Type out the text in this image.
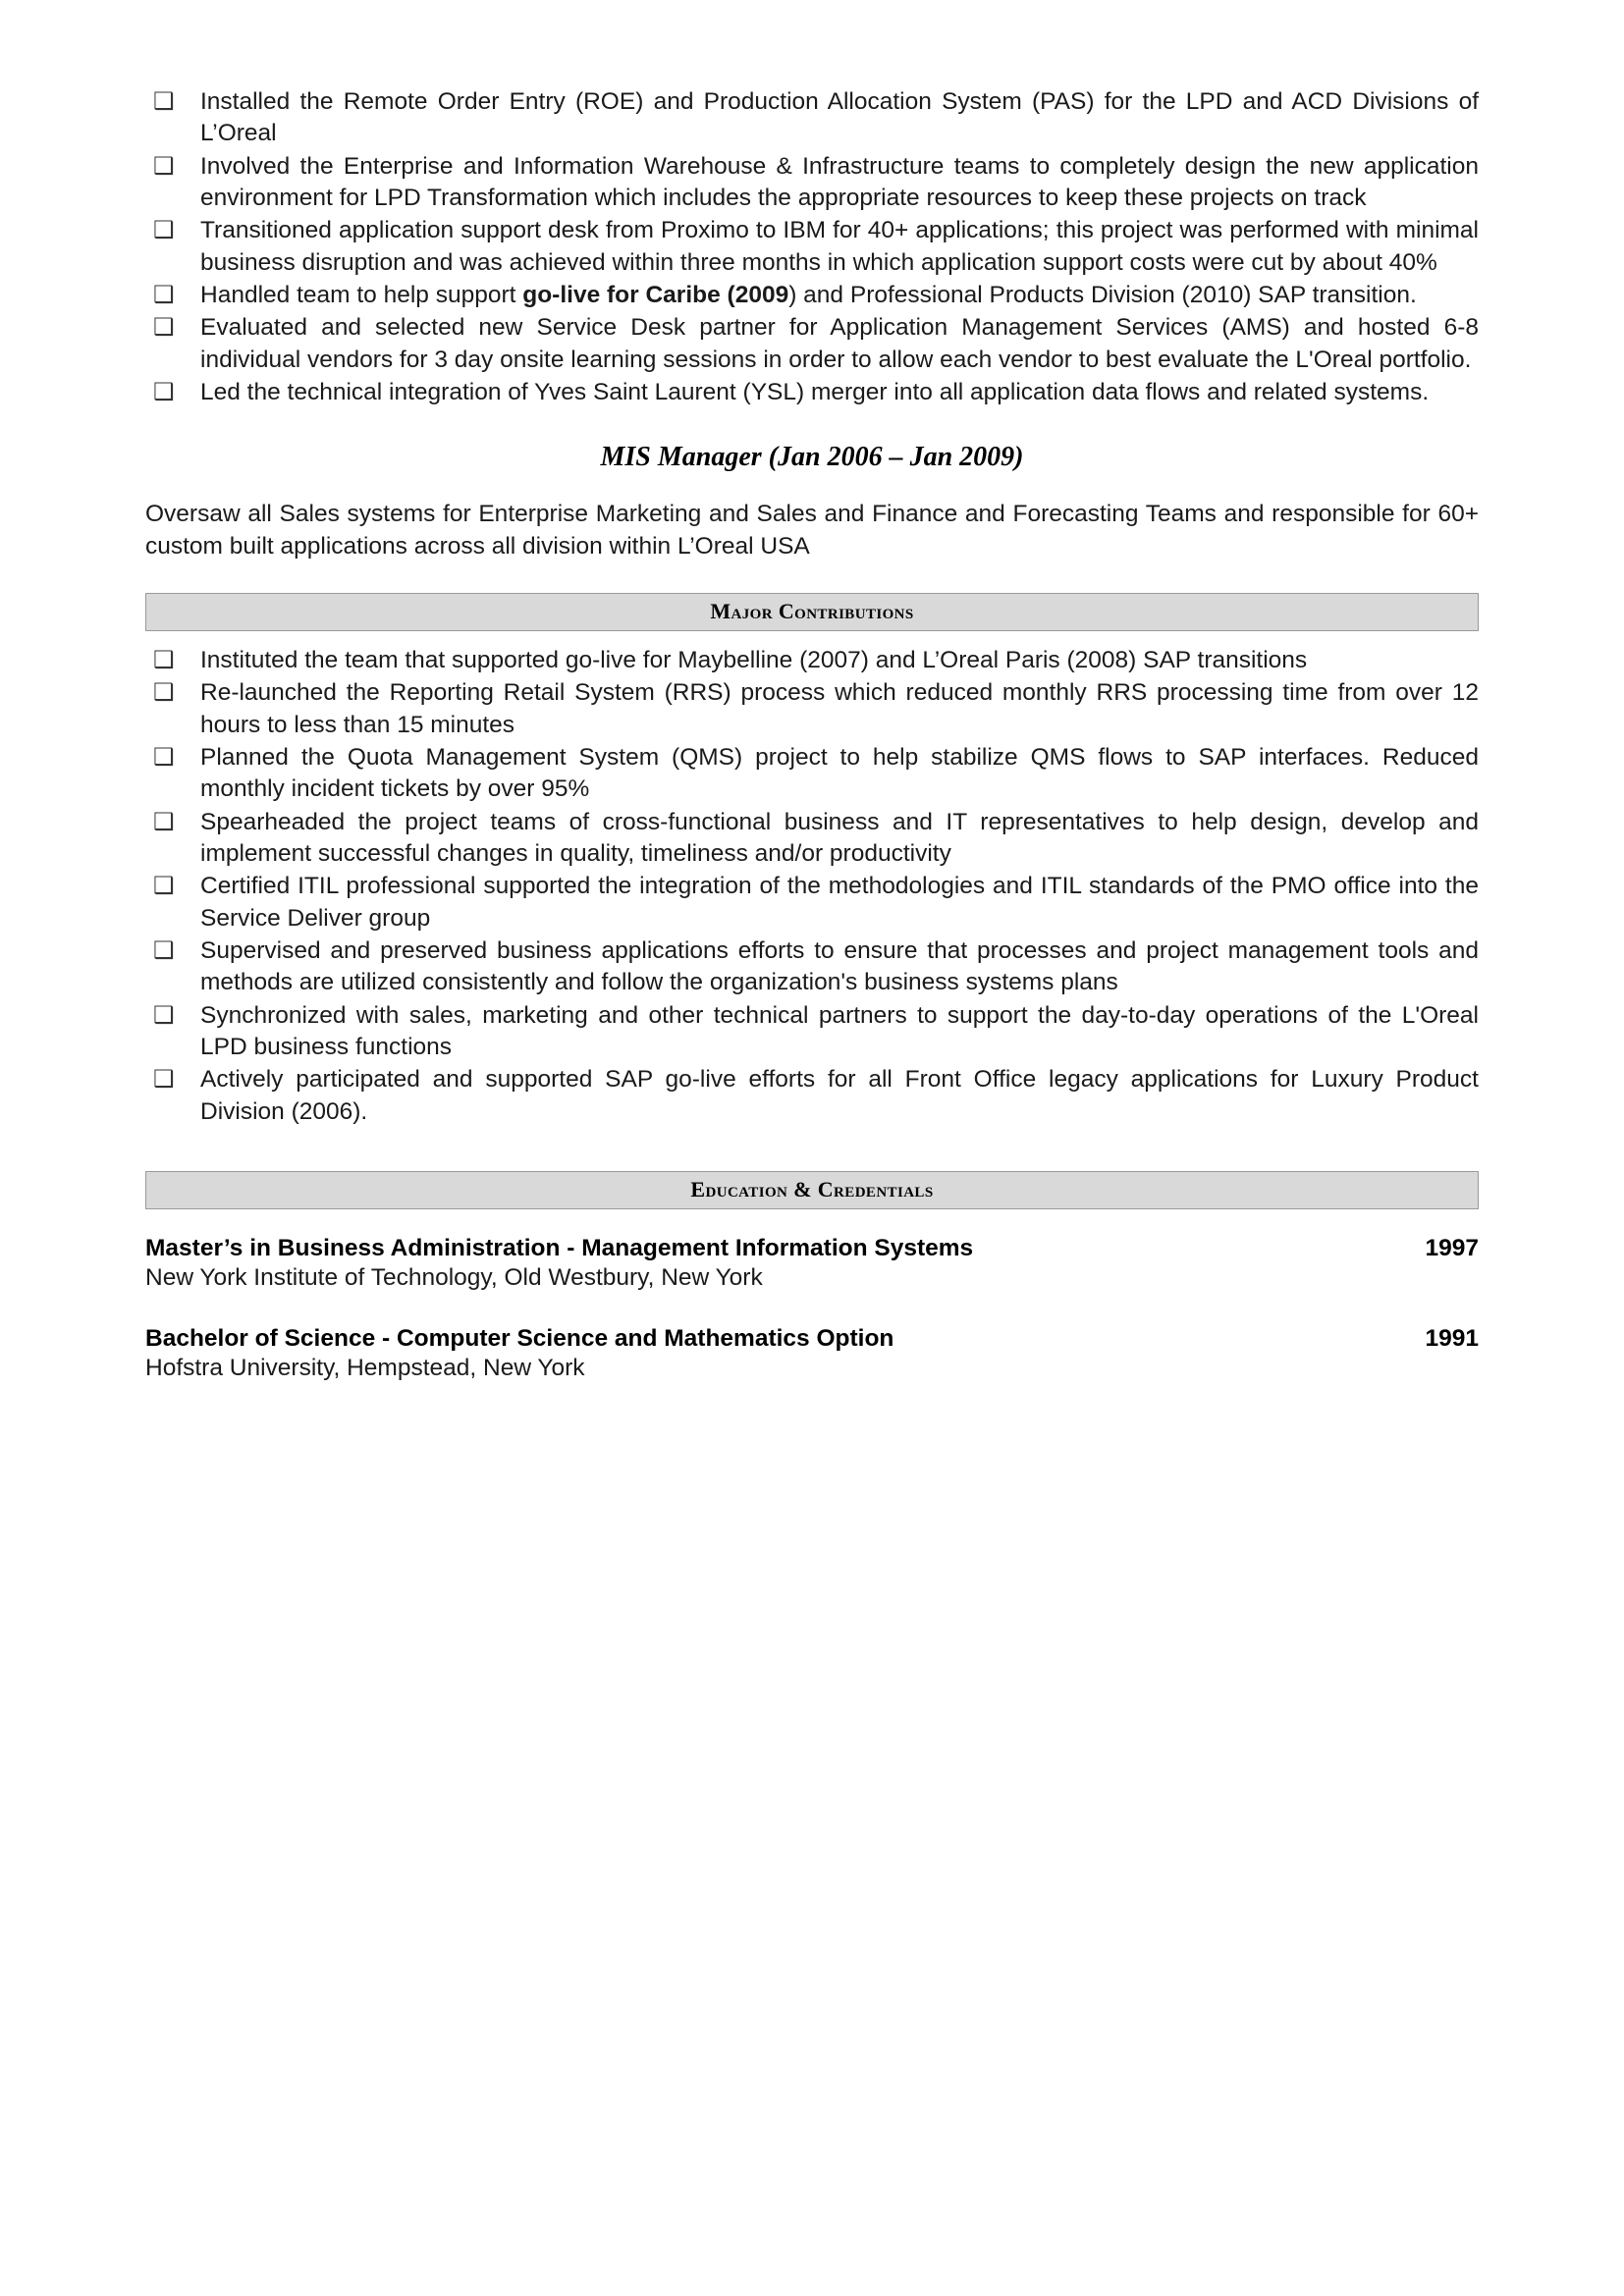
❑ Installed the Remote Order Entry (ROE) and Production Allocation System (PAS) for the LPD and ACD Divisions of L’Oreal
❑ Involved the Enterprise and Information Warehouse & Infrastructure teams to completely design the new application environment for LPD Transformation which includes the appropriate resources to keep these projects on track
❑ Transitioned application support desk from Proximo to IBM for 40+ applications; this project was performed with minimal business disruption and was achieved within three months in which application support costs were cut by about 40%
❑ Handled team to help support go-live for Caribe (2009) and Professional Products Division (2010) SAP transition.
❑ Evaluated and selected new Service Desk partner for Application Management Services (AMS) and hosted 6-8 individual vendors for 3 day onsite learning sessions in order to allow each vendor to best evaluate the L'Oreal portfolio.
❑ Led the technical integration of Yves Saint Laurent (YSL) merger into all application data flows and related systems.
MIS Manager (Jan 2006 – Jan 2009)
Oversaw all Sales systems for Enterprise Marketing and Sales and Finance and Forecasting Teams and responsible for 60+ custom built applications across all division within L’Oreal USA
Major Contributions
❑ Instituted the team that supported go-live for Maybelline (2007) and L’Oreal Paris (2008) SAP transitions
❑ Re-launched the Reporting Retail System (RRS) process which reduced monthly RRS processing time from over 12 hours to less than 15 minutes
❑ Planned the Quota Management System (QMS) project to help stabilize QMS flows to SAP interfaces. Reduced monthly incident tickets by over 95%
❑ Spearheaded the project teams of cross-functional business and IT representatives to help design, develop and implement successful changes in quality, timeliness and/or productivity
❑ Certified ITIL professional supported the integration of the methodologies and ITIL standards of the PMO office into the Service Deliver group
❑ Supervised and preserved business applications efforts to ensure that processes and project management tools and methods are utilized consistently and follow the organization's business systems plans
❑ Synchronized with sales, marketing and other technical partners to support the day-to-day operations of the L'Oreal LPD business functions
❑ Actively participated and supported SAP go-live efforts for all Front Office legacy applications for Luxury Product Division (2006).
Education & Credentials
Master’s in Business Administration - Management Information Systems	1997
New York Institute of Technology, Old Westbury, New York
Bachelor of Science - Computer Science and Mathematics Option	1991
Hofstra University, Hempstead, New York
